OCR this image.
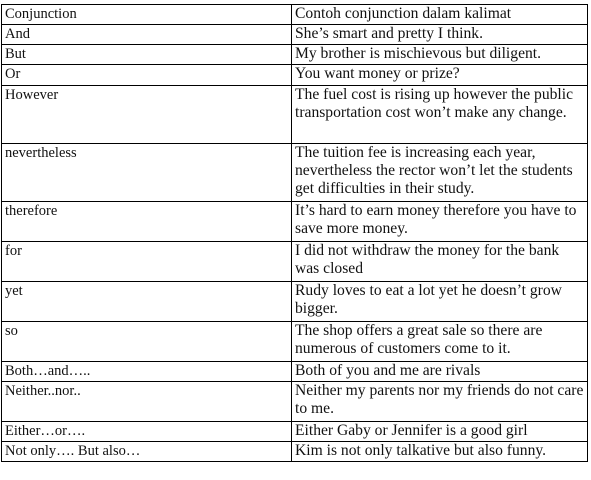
Conjunction	Contoh conjunction dalam kalimat
And	She’s smart and pretty I think.
But	My brother is mischievous but diligent.
Or	You want money or prize?
However	The fuel cost is rising up however the public transportation cost won’t make any change.
nevertheless	The tuition fee is increasing each year, nevertheless the rector won’t let the students get difficulties in their study.
therefore	It’s hard to earn money therefore you have to save more money.
for	I did not withdraw the money for the bank was closed
yet	Rudy loves to eat a lot yet he doesn’t grow bigger.
so	The shop offers a great sale so there are numerous of customers come to it.
Both…and…..	Both of you and me are rivals
Neither..nor..	Neither my parents nor my friends do not care to me.
Either…or….	Either Gaby or Jennifer is a good girl
Not only…. But also…	Kim is not only talkative but also funny.
